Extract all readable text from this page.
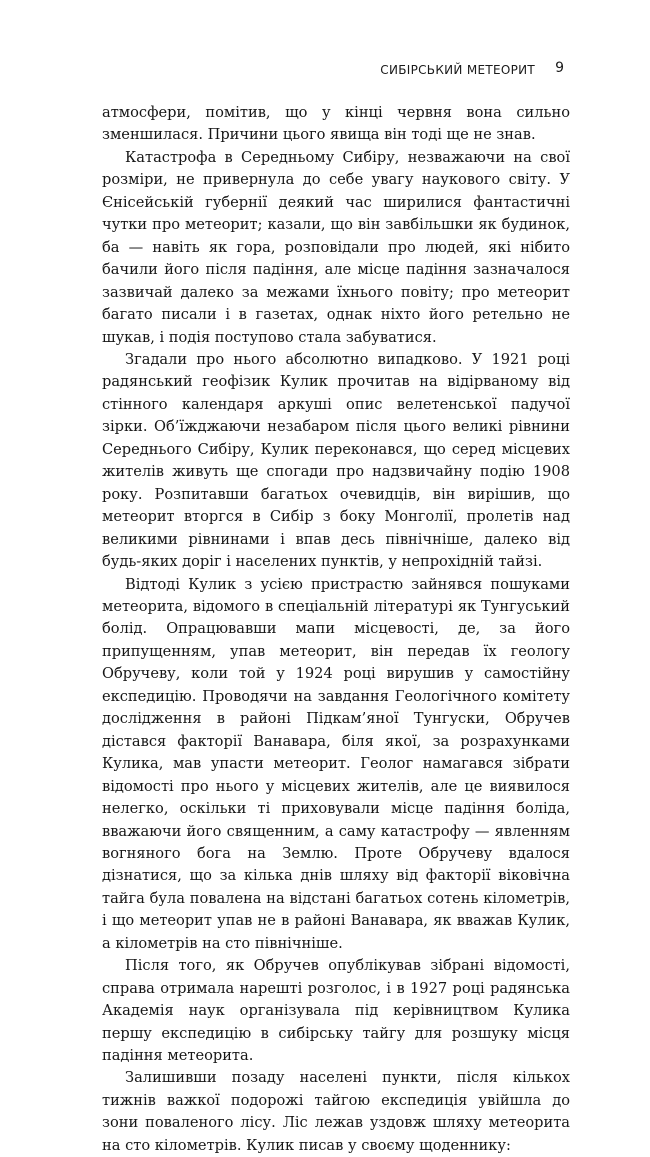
СИБІРСЬКИЙ МЕТЕОРИТ 9

атмосфери, помітив, що у кінці червня вона сильно зменшилася. Причини цього явища він тоді ще не знав.

Катастрофа в Середньому Сибіру, незважаючи на свої розміри, не привернула до себе увагу наукового світу. У Єнісейській губернії деякий час ширилися фантастичні чутки про метеорит; казали, що він завбільшки як будинок, ба — навіть як гора, розповідали про людей, які нібито бачили його після падіння, але місце падіння зазначалося зазвичай далеко за межами їхнього повіту; про метеорит багато писали і в газетах, однак ніхто його ретельно не шукав, і подія поступово стала забуватися.

Згадали про нього абсолютно випадково. У 1921 році радянський геофізик Кулик прочитав на відірваному від стінного календаря аркуші опис велетенської падучої зірки. Об’їжджаючи незабаром після цього великі рівнини Середнього Сибіру, Кулик переконався, що серед місцевих жителів живуть ще спогади про надзвичайну подію 1908 року. Розпитавши багатьох очевидців, він вирішив, що метеорит вторгся в Сибір з боку Монголії, пролетів над великими рівнинами і впав десь північніше, далеко від будь-яких доріг і населених пунктів, у непрохідній тайзі.

Відтоді Кулик з усією пристрастю зайнявся пошуками метеорита, відомого в спеціальній літературі як Тунгуський болід. Опрацювавши мапи місцевості, де, за його припущенням, упав метеорит, він передав їх геологу Обручеву, коли той у 1924 році вирушив у самостійну експедицію. Проводячи на завдання Геологічного комітету дослідження в районі Підкам’яної Тунгуски, Обручев дістався факторії Ванавара, біля якої, за розрахунками Кулика, мав упасти метеорит. Геолог намагався зібрати відомості про нього у місцевих жителів, але це виявилося нелегко, оскільки ті приховували місце падіння боліда, вважаючи його священним, а саму катастрофу — явленням вогняного бога на Землю. Проте Обручеву вдалося дізнатися, що за кілька днів шляху від факторії віковічна тайга була повалена на відстані багатьох сотень кілометрів, і що метеорит упав не в районі Ванавара, як вважав Кулик, а кілометрів на сто північніше.

Після того, як Обручев опублікував зібрані відомості, справа отримала нарешті розголос, і в 1927 році радянська Академія наук організувала під керівництвом Кулика першу експедицію в сибірську тайгу для розшуку місця падіння метеорита.

Залишивши позаду населені пункти, після кількох тижнів важкої подорожі тайгою експедиція увійшла до зони поваленого лісу. Ліс лежав уздовж шляху метеорита на сто кілометрів. Кулик писав у своєму щоденнику:
